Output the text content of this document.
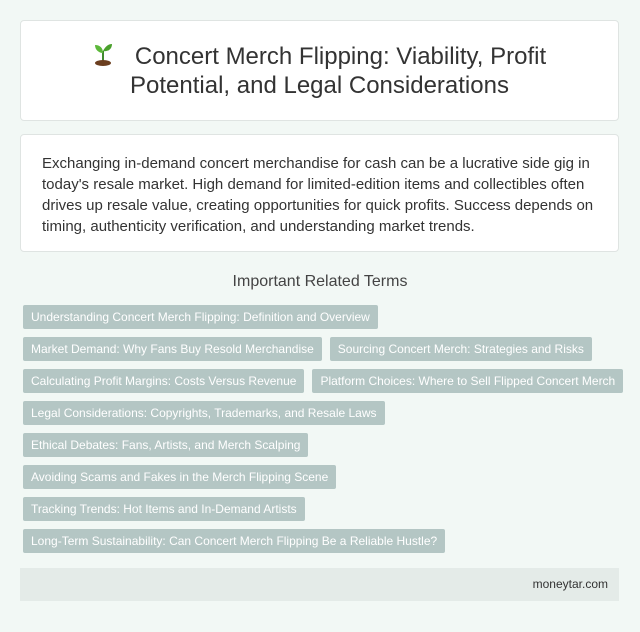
Concert Merch Flipping: Viability, Profit Potential, and Legal Considerations

Exchanging in-demand concert merchandise for cash can be a lucrative side gig in today's resale market. High demand for limited-edition items and collectibles often drives up resale value, creating opportunities for quick profits. Success depends on timing, authenticity verification, and understanding market trends.

Important Related Terms
Understanding Concert Merch Flipping: Definition and Overview
Market Demand: Why Fans Buy Resold Merchandise	Sourcing Concert Merch: Strategies and Risks
Calculating Profit Margins: Costs Versus Revenue	Platform Choices: Where to Sell Flipped Concert Merch
Legal Considerations: Copyrights, Trademarks, and Resale Laws
Ethical Debates: Fans, Artists, and Merch Scalping
Avoiding Scams and Fakes in the Merch Flipping Scene
Tracking Trends: Hot Items and In-Demand Artists
Long-Term Sustainability: Can Concert Merch Flipping Be a Reliable Hustle?
moneytar.com
